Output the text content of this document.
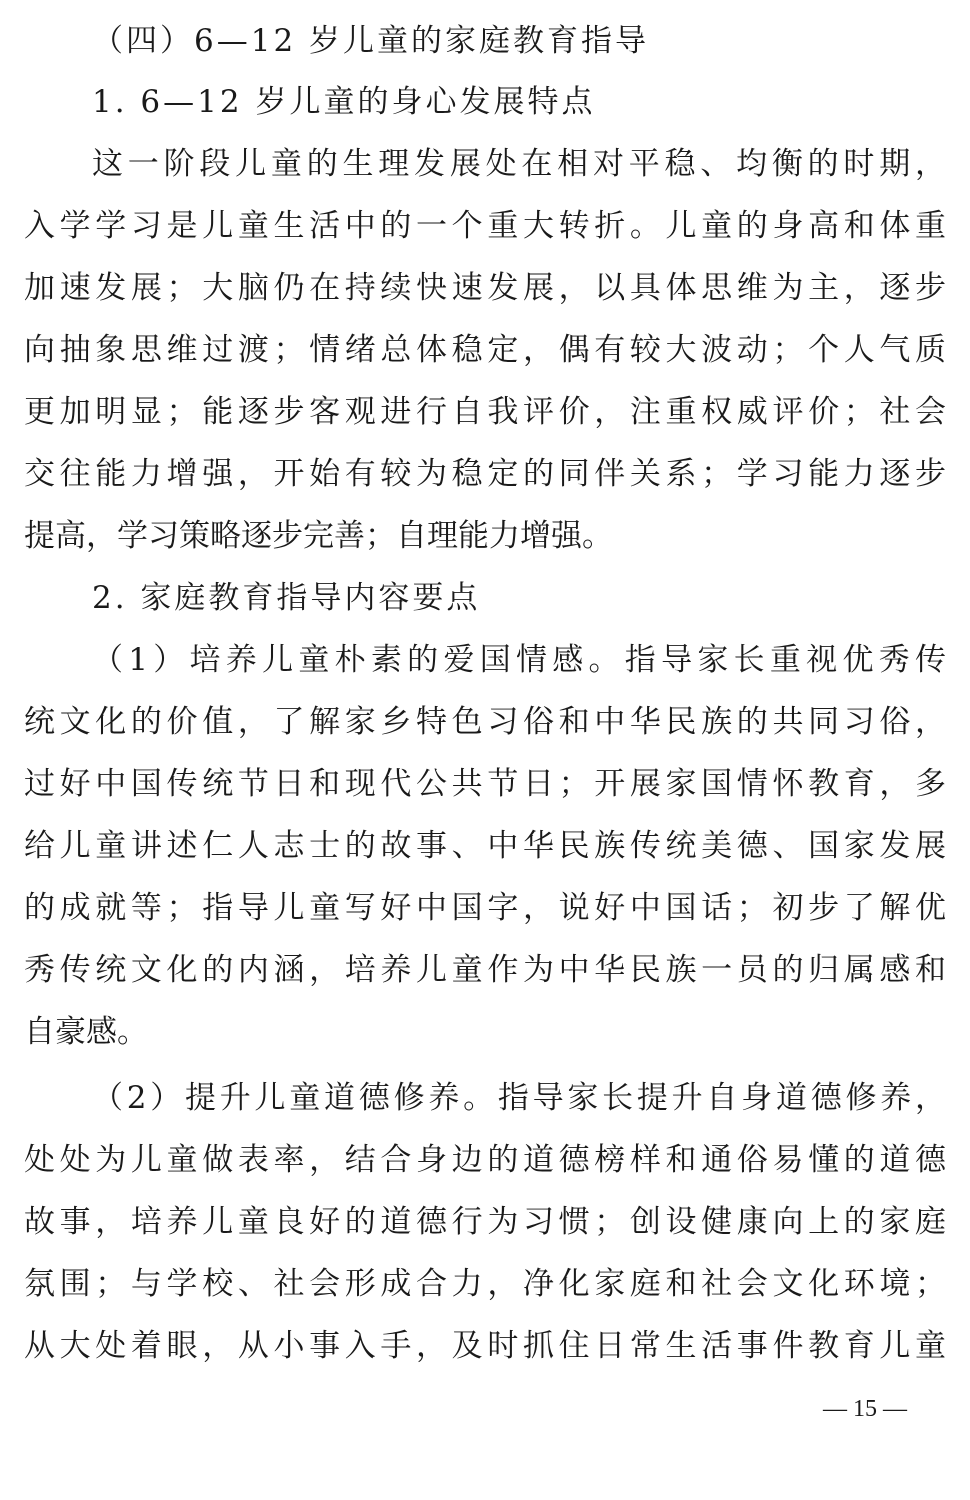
（四）6—12 岁儿童的家庭教育指导
1. 6—12 岁儿童的身心发展特点
这一阶段儿童的生理发展处在相对平稳、均衡的时期，
入学学习是儿童生活中的一个重大转折。儿童的身高和体重
加速发展；大脑仍在持续快速发展，以具体思维为主，逐步
向抽象思维过渡；情绪总体稳定，偶有较大波动；个人气质
更加明显；能逐步客观进行自我评价，注重权威评价；社会
交往能力增强，开始有较为稳定的同伴关系；学习能力逐步
提高，学习策略逐步完善；自理能力增强。
2. 家庭教育指导内容要点
（1）培养儿童朴素的爱国情感。指导家长重视优秀传
统文化的价值，了解家乡特色习俗和中华民族的共同习俗，
过好中国传统节日和现代公共节日；开展家国情怀教育，多
给儿童讲述仁人志士的故事、中华民族传统美德、国家发展
的成就等；指导儿童写好中国字，说好中国话；初步了解优
秀传统文化的内涵，培养儿童作为中华民族一员的归属感和
自豪感。
（2）提升儿童道德修养。指导家长提升自身道德修养，
处处为儿童做表率，结合身边的道德榜样和通俗易懂的道德
故事，培养儿童良好的道德行为习惯；创设健康向上的家庭
氛围；与学校、社会形成合力，净化家庭和社会文化环境；
从大处着眼，从小事入手，及时抓住日常生活事件教育儿童
— 15 —
